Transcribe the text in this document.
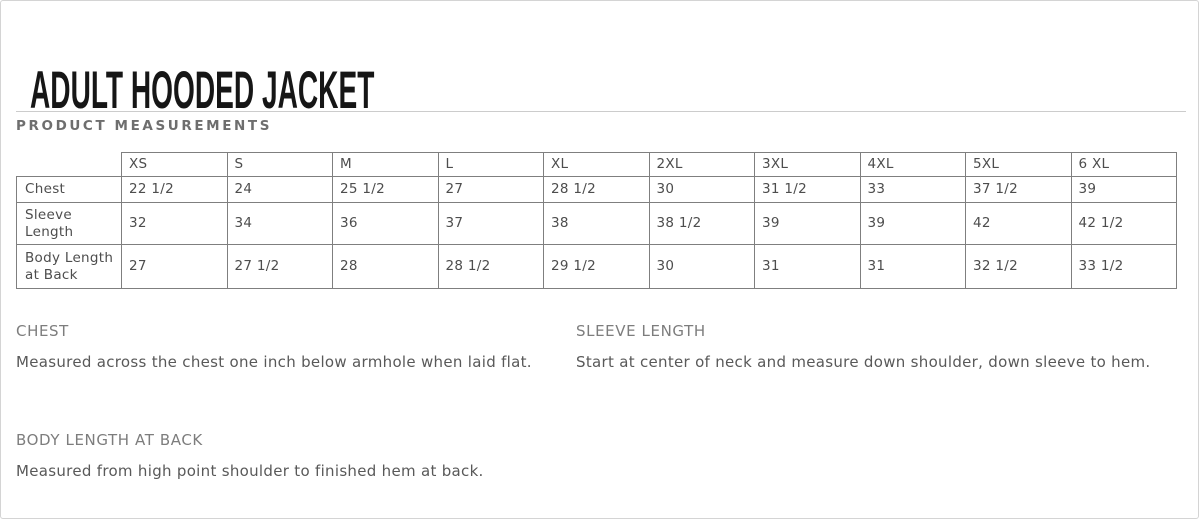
ADULT HOODED JACKET
PRODUCT MEASUREMENTS
	XS	S	M	L	XL	2XL	3XL	4XL	5XL	6 XL
Chest	22 1/2	24	25 1/2	27	28 1/2	30	31 1/2	33	37 1/2	39
Sleeve Length	32	34	36	37	38	38 1/2	39	39	42	42 1/2
Body Length at Back	27	27 1/2	28	28 1/2	29 1/2	30	31	31	32 1/2	33 1/2
CHEST
Measured across the chest one inch below armhole when laid flat.
SLEEVE LENGTH
Start at center of neck and measure down shoulder, down sleeve to hem.
BODY LENGTH AT BACK
Measured from high point shoulder to finished hem at back.
